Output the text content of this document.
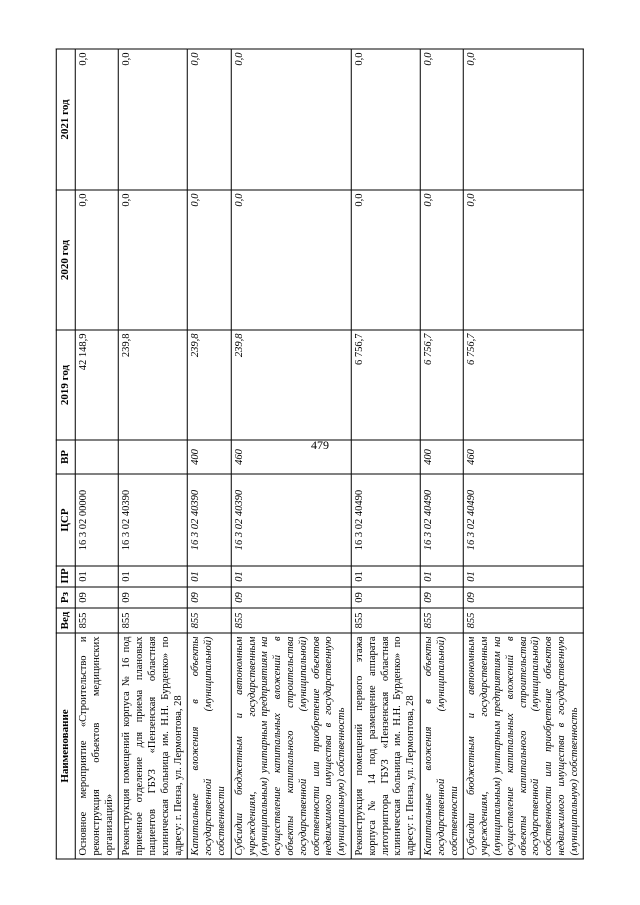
479
Наименование	Вед	Рз	ПР	ЦСР	ВР	2019 год	2020 год	2021 год
Основное мероприятие «Строительство и реконструкция объектов медицинских организаций»	855	09	01	16 3 02 00000		42 148,9	0,0	0,0
Реконструкция помещений корпуса № 16 под приемное отделение для приема плановых пациентов ГБУЗ «Пензенская областная клиническая больница им. Н.Н. Бурденко» по адресу: г. Пенза, ул. Лермонтова, 28	855	09	01	16 3 02 40390		239,8	0,0	0,0
Капитальные вложения в объекты государственной (муниципальной) собственности	855	09	01	16 3 02 40390	400	239,8	0,0	0,0
Субсидии бюджетным и автономным учреждениям, государственным (муниципальным) унитарным предприятиям на осуществление капитальных вложений в объекты капитального строительства государственной (муниципальной) собственности или приобретение объектов недвижимого имущества в государственную (муниципальную) собственность	855	09	01	16 3 02 40390	460	239,8	0,0	0,0
Реконструкция помещений первого этажа корпуса № 14 под размещение аппарата литотриптора ГБУЗ «Пензенская областная клиническая больница им. Н.Н. Бурденко» по адресу: г. Пенза, ул. Лермонтова, 28	855	09	01	16 3 02 40490		6 756,7	0,0	0,0
Капитальные вложения в объекты государственной (муниципальной) собственности	855	09	01	16 3 02 40490	400	6 756,7	0,0	0,0
Субсидии бюджетным и автономным учреждениям, государственным (муниципальным) унитарным предприятиям на осуществление капитальных вложений в объекты капитального строительства государственной (муниципальной) собственности или приобретение объектов недвижимого имущества в государственную (муниципальную) собственность	855	09	01	16 3 02 40490	460	6 756,7	0,0	0,0
